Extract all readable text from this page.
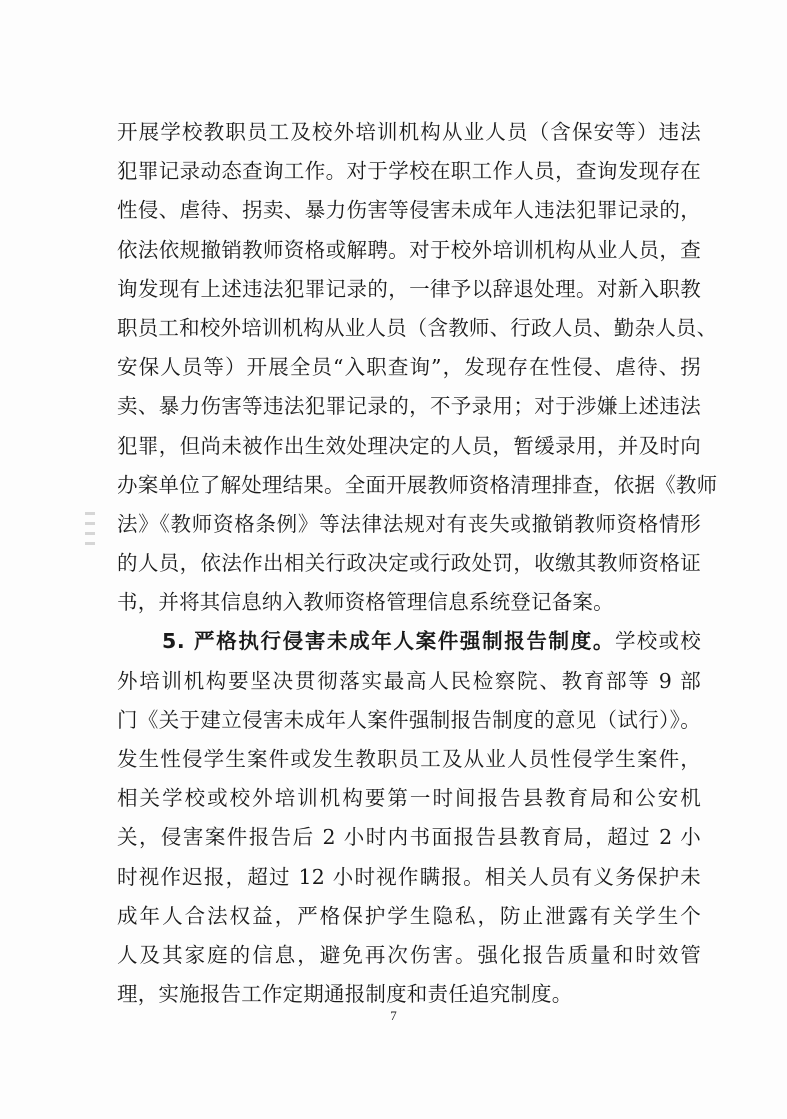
开展学校教职员工及校外培训机构从业人员（含保安等）违法
犯罪记录动态查询工作。对于学校在职工作人员，查询发现存在
性侵、虐待、拐卖、暴力伤害等侵害未成年人违法犯罪记录的，
依法依规撤销教师资格或解聘。对于校外培训机构从业人员，查
询发现有上述违法犯罪记录的，一律予以辞退处理。对新入职教
职员工和校外培训机构从业人员（含教师、行政人员、勤杂人员、
安保人员等）开展全员“入职查询”，发现存在性侵、虐待、拐
卖、暴力伤害等违法犯罪记录的，不予录用；对于涉嫌上述违法
犯罪，但尚未被作出生效处理决定的人员，暂缓录用，并及时向
办案单位了解处理结果。全面开展教师资格清理排查，依据《教师
法》《教师资格条例》等法律法规对有丧失或撤销教师资格情形
的人员，依法作出相关行政决定或行政处罚，收缴其教师资格证
书，并将其信息纳入教师资格管理信息系统登记备案。
5. 严格执行侵害未成年人案件强制报告制度。学校或校
外培训机构要坚决贯彻落实最高人民检察院、教育部等 9 部
门《关于建立侵害未成年人案件强制报告制度的意见（试行）》。
发生性侵学生案件或发生教职员工及从业人员性侵学生案件，
相关学校或校外培训机构要第一时间报告县教育局和公安机
关，侵害案件报告后 2 小时内书面报告县教育局，超过 2 小
时视作迟报，超过 12 小时视作瞒报。相关人员有义务保护未
成年人合法权益，严格保护学生隐私，防止泄露有关学生个
人及其家庭的信息，避免再次伤害。强化报告质量和时效管
理，实施报告工作定期通报制度和责任追究制度。
7
